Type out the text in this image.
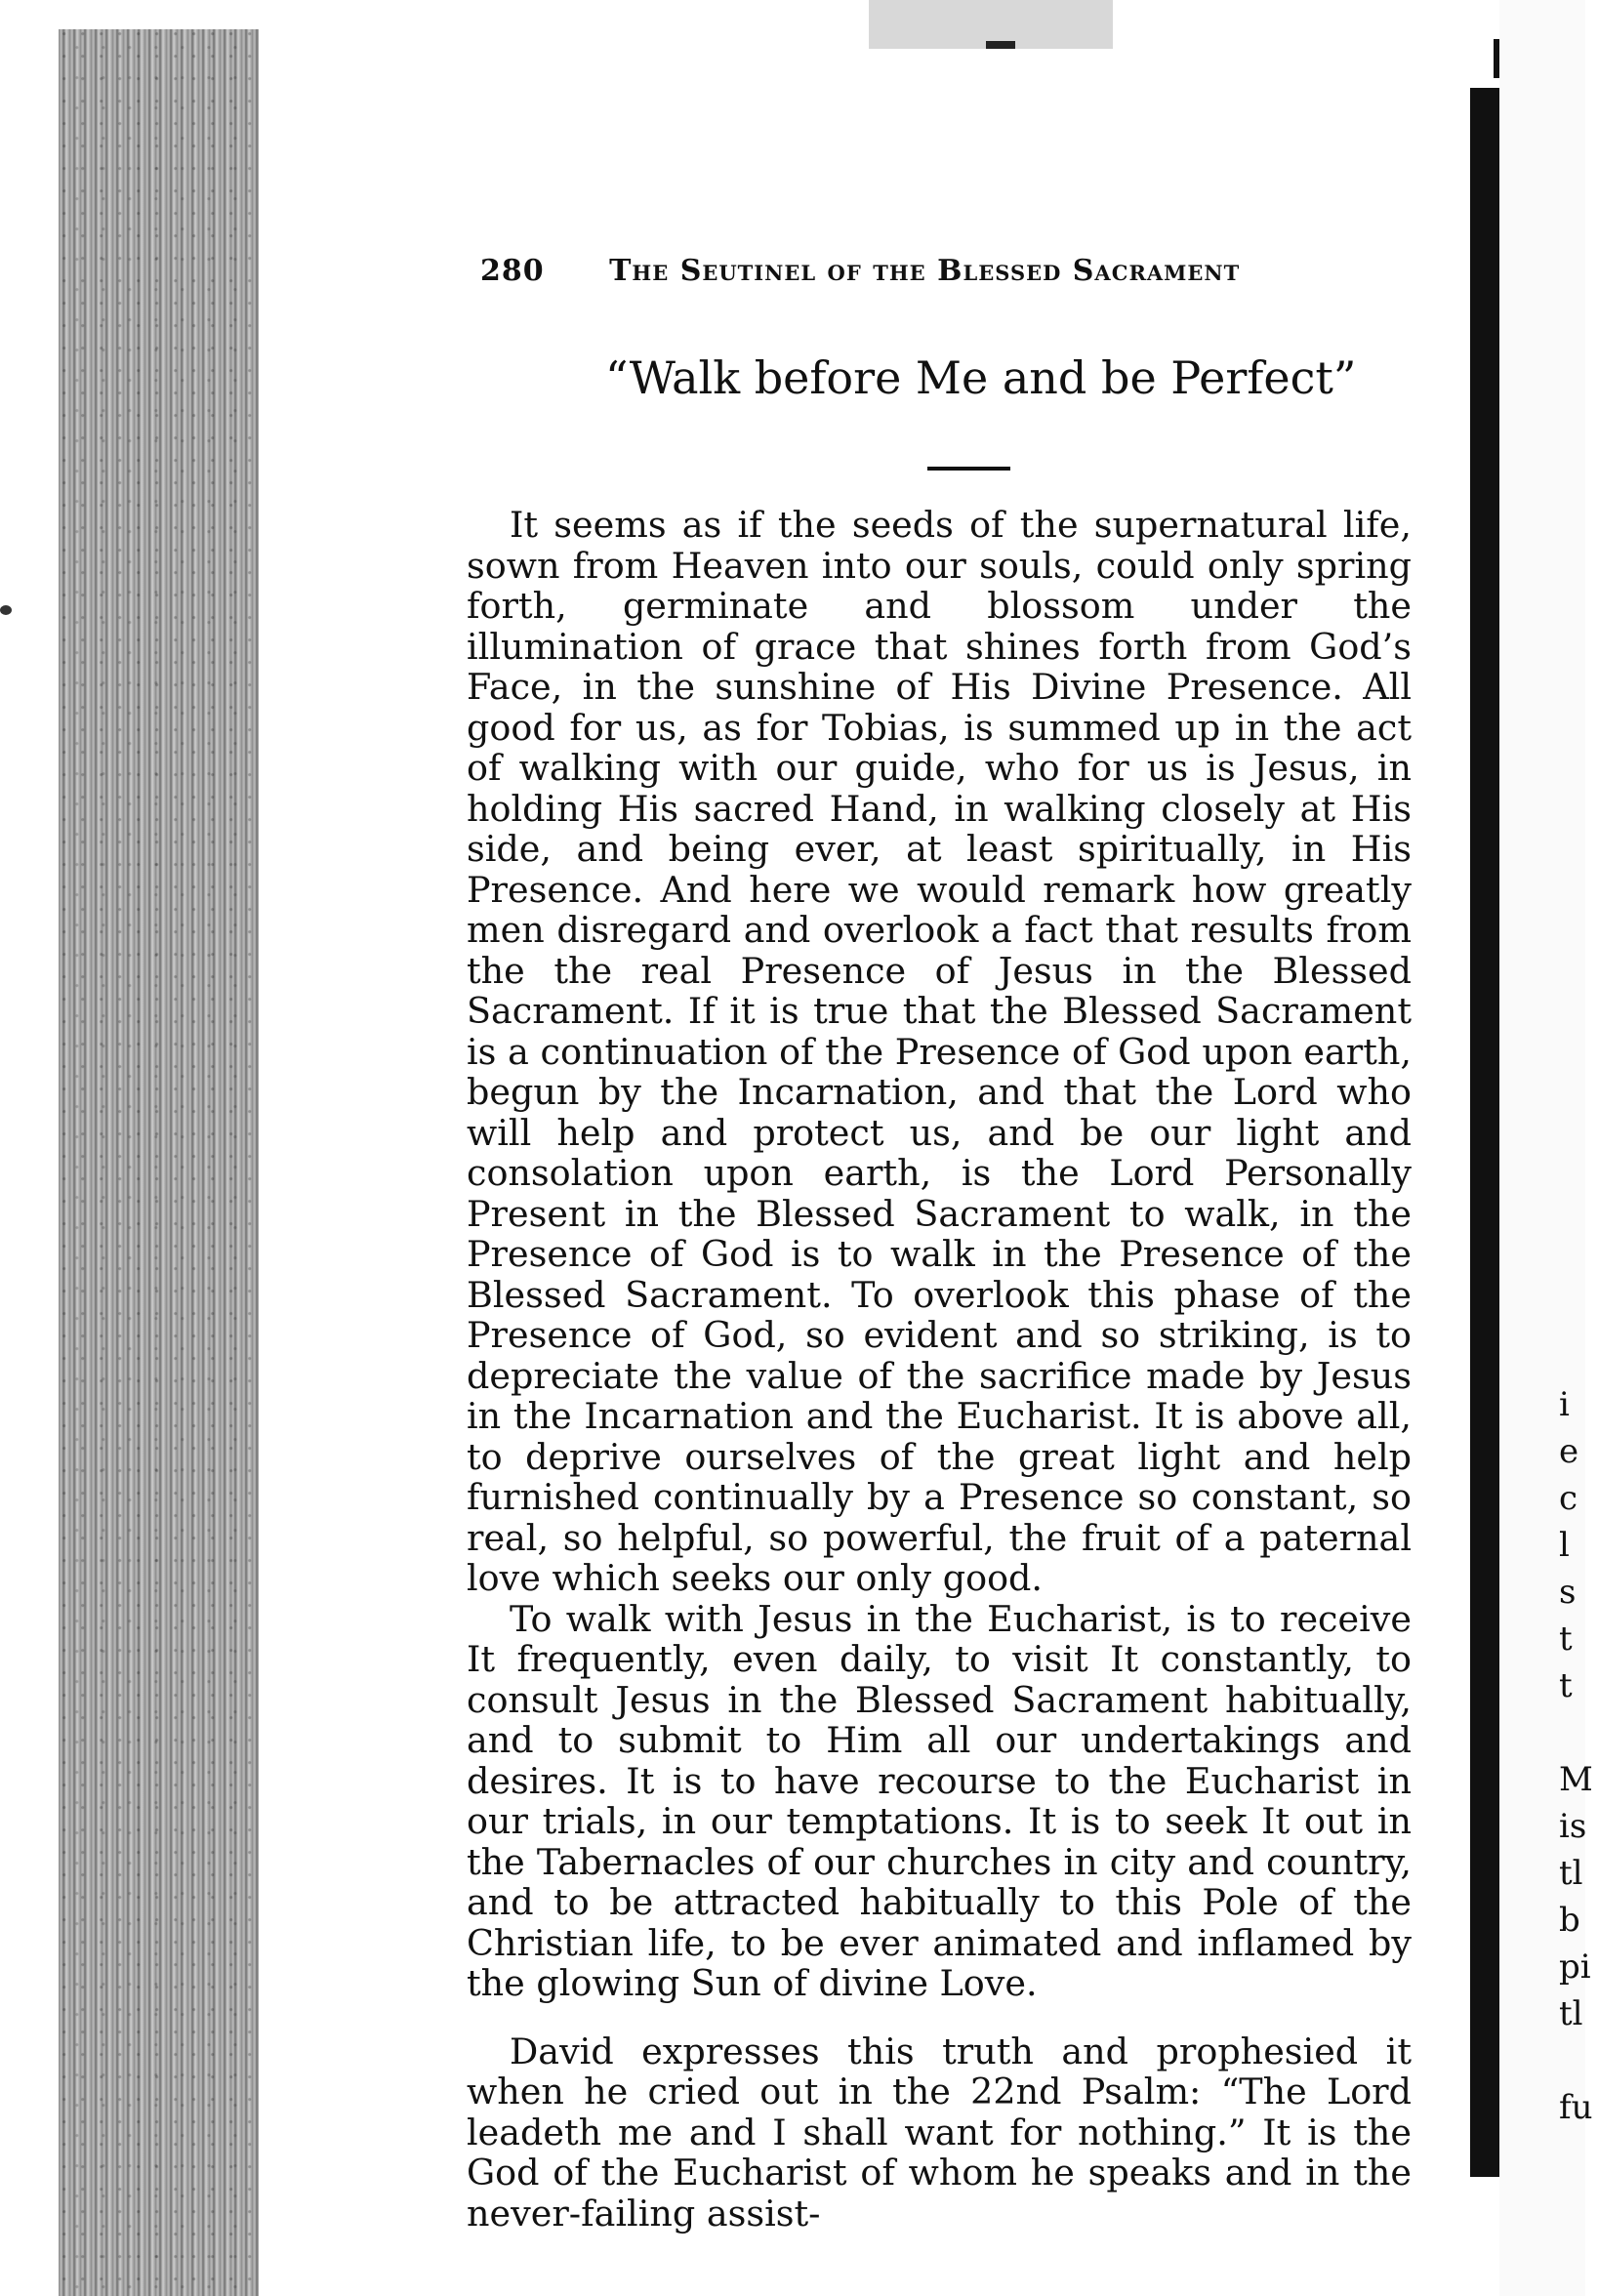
i
e
c
l
s
t
t

M
is
tl
b
pi
tl

fu
280 The Seutinel of the Blessed Sacrament
“Walk before Me and be Perfect”

It seems as if the seeds of the supernatural life, sown from Heaven into our souls, could only spring forth, germinate and blossom under the illumination of grace that shines forth from God’s Face, in the sunshine of His Divine Presence. All good for us, as for Tobias, is summed up in the act of walking with our guide, who for us is Jesus, in holding His sacred Hand, in walking closely at His side, and being ever, at least spiritually, in His Presence. And here we would remark how greatly men disregard and overlook a fact that results from the the real Presence of Jesus in the Blessed Sacrament. If it is true that the Blessed Sacrament is a continuation of the Presence of God upon earth, begun by the Incarnation, and that the Lord who will help and protect us, and be our light and consolation upon earth, is the Lord Personally Present in the Blessed Sacrament to walk, in the Presence of God is to walk in the Presence of the Blessed Sacrament. To overlook this phase of the Presence of God, so evident and so striking, is to depreciate the value of the sacrifice made by Jesus in the Incarnation and the Eucharist. It is above all, to deprive ourselves of the great light and help furnished continually by a Presence so constant, so real, so helpful, so powerful, the fruit of a paternal love which seeks our only good.

To walk with Jesus in the Eucharist, is to receive It frequently, even daily, to visit It constantly, to consult Jesus in the Blessed Sacrament habitually, and to submit to Him all our undertakings and desires. It is to have recourse to the Eucharist in our trials, in our temptations. It is to seek It out in the Tabernacles of our churches in city and country, and to be attracted habitually to this Pole of the Christian life, to be ever animated and inflamed by the glowing Sun of divine Love.

David expresses this truth and prophesied it when he cried out in the 22nd Psalm: “The Lord leadeth me and I shall want for nothing.” It is the God of the Eucharist of whom he speaks and in the never-failing assist-
